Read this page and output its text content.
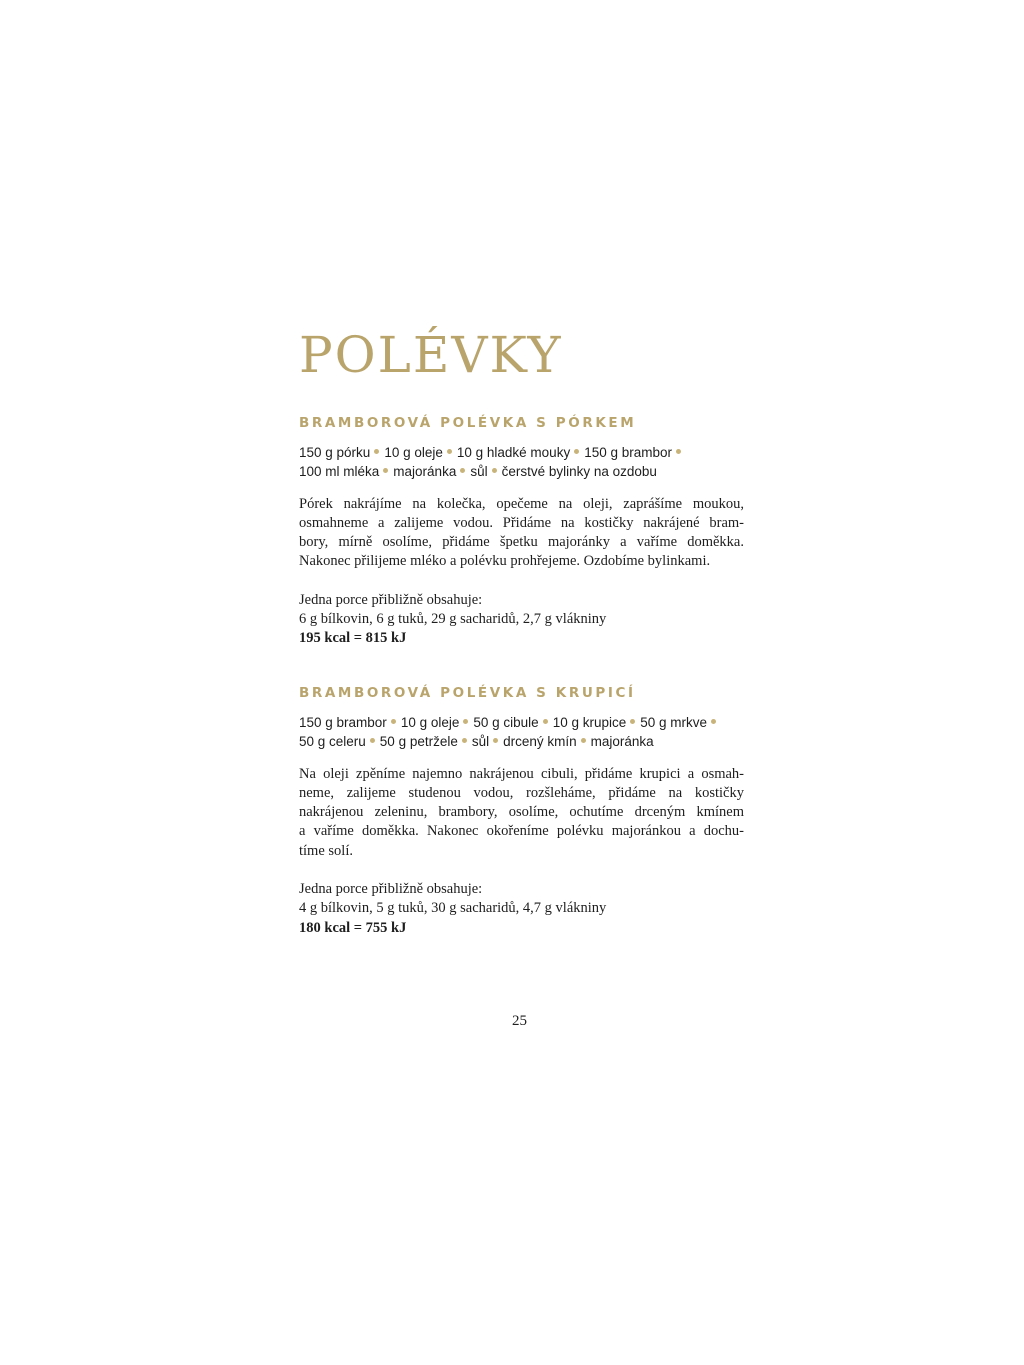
POLÉVKY
BRAMBOROVÁ POLÉVKA S PÓRKEM
150 g pórku 10 g oleje 10 g hladké mouky 150 g brambor
100 ml mléka majoránka sůl čerstvé bylinky na ozdobu
Pórek nakrájíme na kolečka, opečeme na oleji, zaprášíme moukou,
osmahneme a zalijeme vodou. Přidáme na kostičky nakrájené bram-
bory, mírně osolíme, přidáme špetku majoránky a vaříme doměkka.
Nakonec přilijeme mléko a polévku prohřejeme. Ozdobíme bylinkami.
Jedna porce přibližně obsahuje:
6 g bílkovin, 6 g tuků, 29 g sacharidů, 2,7 g vlákniny
195 kcal = 815 kJ
BRAMBOROVÁ POLÉVKA S KRUPICÍ
150 g brambor 10 g oleje 50 g cibule 10 g krupice 50 g mrkve
50 g celeru 50 g petržele sůl drcený kmín majoránka
Na oleji zpěníme najemno nakrájenou cibuli, přidáme krupici a osmah-
neme, zalijeme studenou vodou, rozšleháme, přidáme na kostičky
nakrájenou zeleninu, brambory, osolíme, ochutíme drceným kmínem
a vaříme doměkka. Nakonec okořeníme polévku majoránkou a dochu-
tíme solí.
Jedna porce přibližně obsahuje:
4 g bílkovin, 5 g tuků, 30 g sacharidů, 4,7 g vlákniny
180 kcal = 755 kJ
25
